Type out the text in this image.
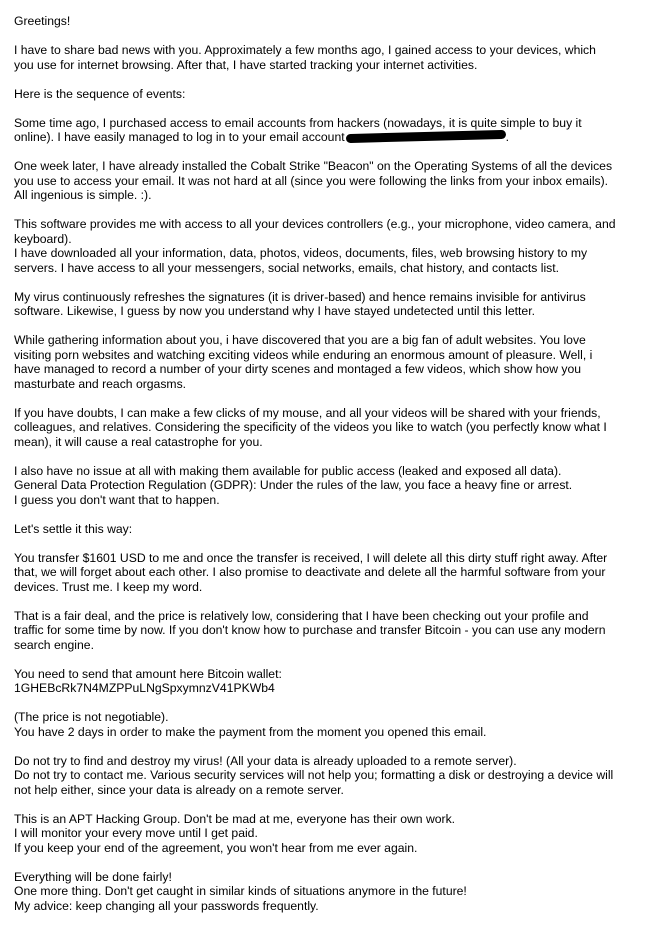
Greetings!

I have to share bad news with you. Approximately a few months ago, I gained access to your devices, which you use for internet browsing. After that, I have started tracking your internet activities.

Here is the sequence of events:

Some time ago, I purchased access to email accounts from hackers (nowadays, it is quite simple to buy it online). I have easily managed to log in to your email account	.

One week later, I have already installed the Cobalt Strike "Beacon" on the Operating Systems of all the devices you use to access your email. It was not hard at all (since you were following the links from your inbox emails). All ingenious is simple. :).

This software provides me with access to all your devices controllers (e.g., your microphone, video camera, and keyboard).
I have downloaded all your information, data, photos, videos, documents, files, web browsing history to my servers. I have access to all your messengers, social networks, emails, chat history, and contacts list.

My virus continuously refreshes the signatures (it is driver-based) and hence remains invisible for antivirus software. Likewise, I guess by now you understand why I have stayed undetected until this letter.

While gathering information about you, i have discovered that you are a big fan of adult websites. You love visiting porn websites and watching exciting videos while enduring an enormous amount of pleasure. Well, i have managed to record a number of your dirty scenes and montaged a few videos, which show how you masturbate and reach orgasms.

If you have doubts, I can make a few clicks of my mouse, and all your videos will be shared with your friends, colleagues, and relatives. Considering the specificity of the videos you like to watch (you perfectly know what I mean), it will cause a real catastrophe for you.

I also have no issue at all with making them available for public access (leaked and exposed all data).
General Data Protection Regulation (GDPR): Under the rules of the law, you face a heavy fine or arrest.
I guess you don't want that to happen.

Let's settle it this way:

You transfer $1601 USD to me and once the transfer is received, I will delete all this dirty stuff right away. After that, we will forget about each other. I also promise to deactivate and delete all the harmful software from your devices. Trust me. I keep my word.

That is a fair deal, and the price is relatively low, considering that I have been checking out your profile and traffic for some time by now. If you don't know how to purchase and transfer Bitcoin - you can use any modern search engine.

You need to send that amount here Bitcoin wallet:
1GHEBcRk7N4MZPPuLNgSpxymnzV41PKWb4

(The price is not negotiable).
You have 2 days in order to make the payment from the moment you opened this email.

Do not try to find and destroy my virus! (All your data is already uploaded to a remote server).
Do not try to contact me. Various security services will not help you; formatting a disk or destroying a device will not help either, since your data is already on a remote server.

This is an APT Hacking Group. Don't be mad at me, everyone has their own work.
I will monitor your every move until I get paid.
If you keep your end of the agreement, you won't hear from me ever again.

Everything will be done fairly!
One more thing. Don't get caught in similar kinds of situations anymore in the future!
My advice: keep changing all your passwords frequently.
